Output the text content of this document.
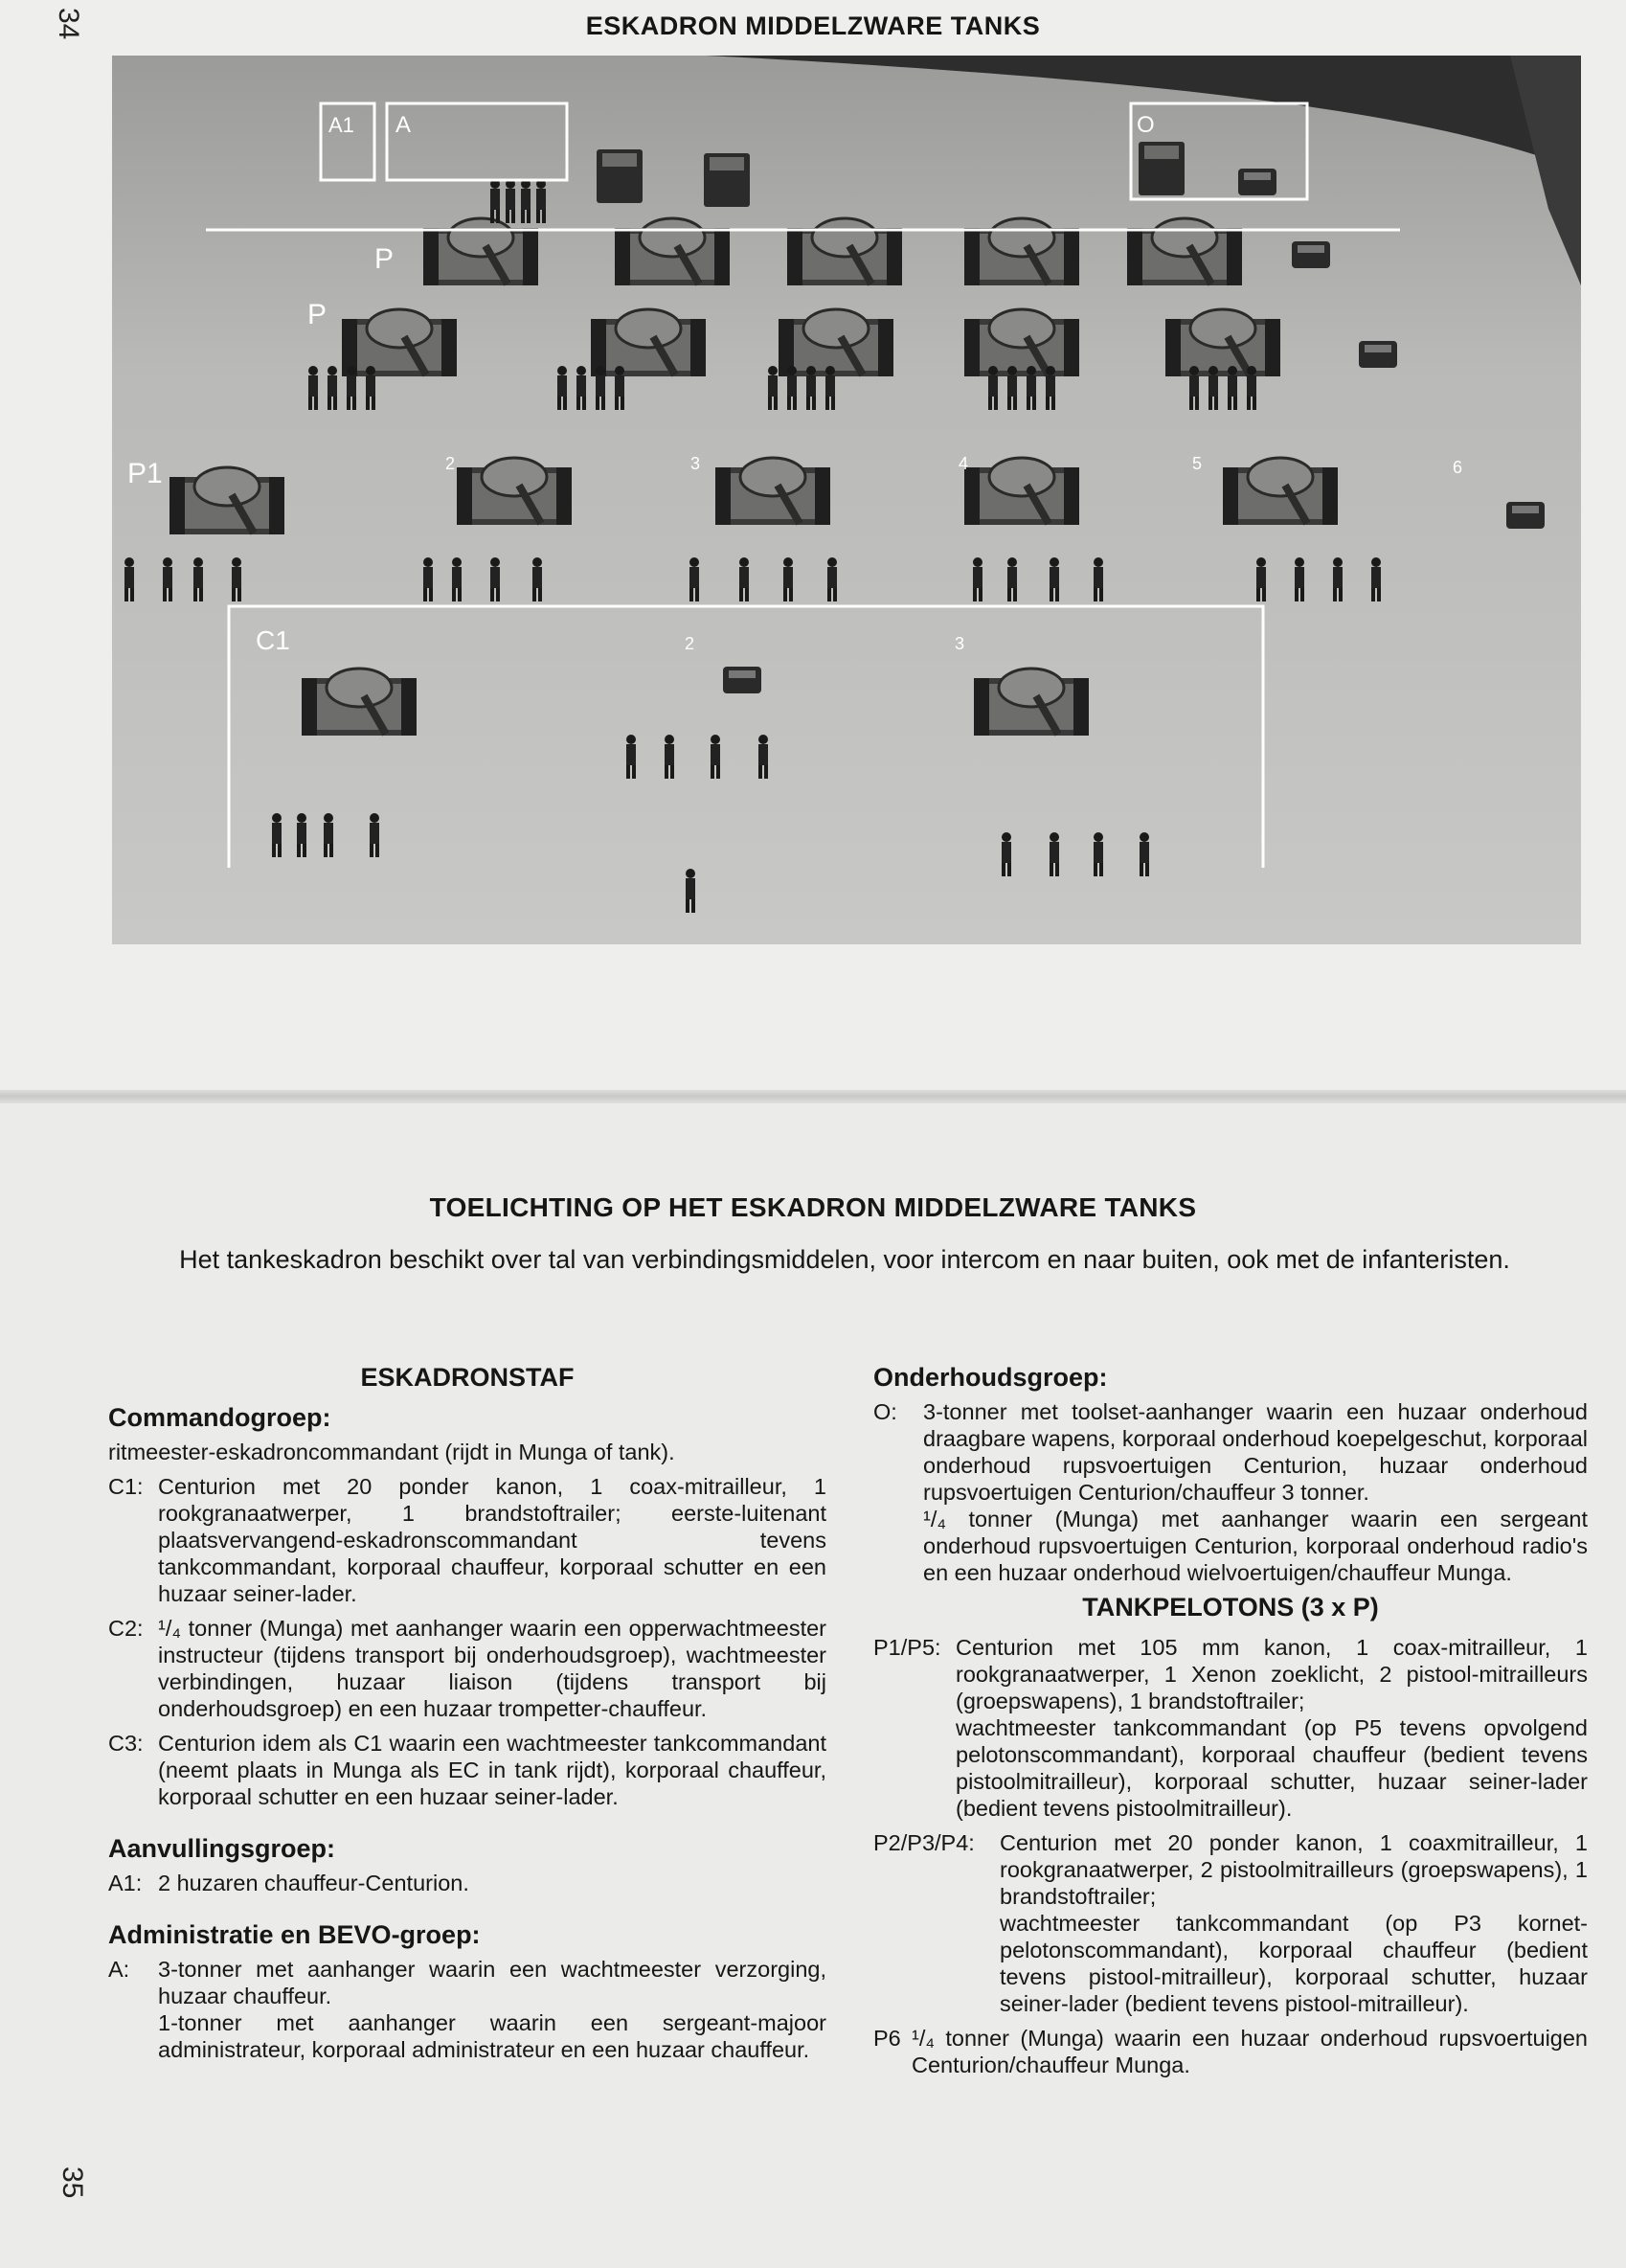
34	ESKADRON MIDDELZWARE TANKS
A1 A	O
P
P
P1	2	3	4	5	6
C1	2	3
TOELICHTING OP HET ESKADRON MIDDELZWARE TANKS
Het tankeskadron beschikt over tal van verbindingsmiddelen, voor intercom en naar buiten, ook met de infanteristen.
ESKADRONSTAF
Commandogroep:

ritmeester-eskadroncommandant (rijdt in Munga of tank).

C1: Centurion met 20 ponder kanon, 1 coax-mitrailleur, 1 rookgranaatwerper, 1 brandstoftrailer; eerste-luitenant plaatsvervangend-eskadronscommandant tevens tankcommandant, korporaal chauffeur, korporaal schutter en een huzaar seiner-lader.
C2: ¹/₄ tonner (Munga) met aanhanger waarin een opperwachtmeester instructeur (tijdens transport bij onderhoudsgroep), wachtmeester verbindingen, huzaar liaison (tijdens transport bij onderhoudsgroep) en een huzaar trompetter-chauffeur.
C3: Centurion idem als C1 waarin een wachtmeester tankcommandant (neemt plaats in Munga als EC in tank rijdt), korporaal chauffeur, korporaal schutter en een huzaar seiner-lader.
Aanvullingsgroep:
A1: 2 huzaren chauffeur-Centurion.
Administratie en BEVO-groep:
A:	3-tonner met aanhanger waarin een wachtmeester verzorging, huzaar chauffeur.
1-tonner met aanhanger waarin een sergeant-majoor administrateur, korporaal administrateur en een huzaar chauffeur.
Onderhoudsgroep:
O:	3-tonner met toolset-aanhanger waarin een huzaar onderhoud draagbare wapens, korporaal onderhoud koepelgeschut, korporaal onderhoud rupsvoertuigen Centurion, huzaar onderhoud rupsvoertuigen Centurion/chauffeur 3 tonner.
¹/₄ tonner (Munga) met aanhanger waarin een sergeant onderhoud rupsvoertuigen Centurion, korporaal onderhoud radio's en een huzaar onderhoud wielvoertuigen/chauffeur Munga.
TANKPELOTONS (3 x P)
P1/P5: Centurion met 105 mm kanon, 1 coax-mitrailleur, 1 rookgranaatwerper, 1 Xenon zoeklicht, 2 pistool-mitrailleurs (groepswapens), 1 brandstoftrailer;
wachtmeester tankcommandant (op P5 tevens opvolgend pelotonscommandant), korporaal chauffeur (bedient tevens pistoolmitrailleur), korporaal schutter, huzaar seiner-lader (bedient tevens pistoolmitrailleur).
P2/P3/P4:	Centurion met 20 ponder kanon, 1 coaxmitrailleur, 1 rookgranaatwerper, 2 pistoolmitrailleurs (groepswapens), 1 brandstoftrailer;
wachtmeester tankcommandant (op P3 kornet-pelotonscommandant), korporaal chauffeur (bedient tevens pistool-mitrailleur), korporaal schutter, huzaar seiner-lader (bedient tevens pistool-mitrailleur).
P6 ¹/₄ tonner (Munga) waarin een huzaar onderhoud rupsvoertuigen Centurion/chauffeur Munga.
35
